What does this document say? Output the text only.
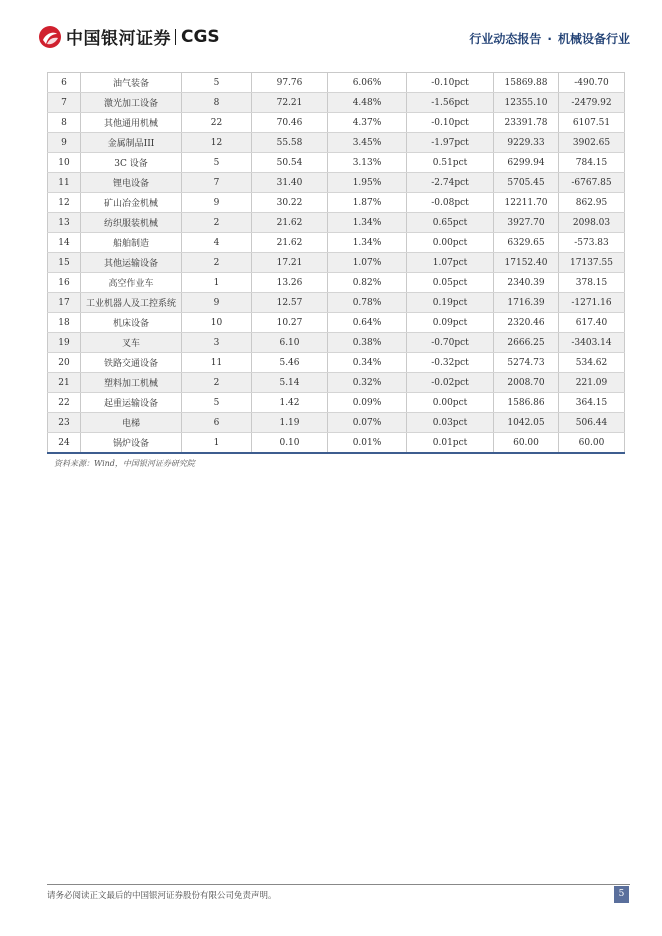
中国银河证券 CGS	行业动态报告 · 机械设备行业
6	油气装备	5	97.76	6.06%	-0.10pct	15869.88	-490.70
7	激光加工设备	8	72.21	4.48%	-1.56pct	12355.10	-2479.92
8	其他通用机械	22	70.46	4.37%	-0.10pct	23391.78	6107.51
9	金属制品III	12	55.58	3.45%	-1.97pct	9229.33	3902.65
10	3C 设备	5	50.54	3.13%	0.51pct	6299.94	784.15
11	锂电设备	7	31.40	1.95%	-2.74pct	5705.45	-6767.85
12	矿山冶金机械	9	30.22	1.87%	-0.08pct	12211.70	862.95
13	纺织服装机械	2	21.62	1.34%	0.65pct	3927.70	2098.03
14	船舶制造	4	21.62	1.34%	0.00pct	6329.65	-573.83
15	其他运输设备	2	17.21	1.07%	1.07pct	17152.40	17137.55
16	高空作业车	1	13.26	0.82%	0.05pct	2340.39	378.15
17	工业机器人及工控系统	9	12.57	0.78%	0.19pct	1716.39	-1271.16
18	机床设备	10	10.27	0.64%	0.09pct	2320.46	617.40
19	叉车	3	6.10	0.38%	-0.70pct	2666.25	-3403.14
20	铁路交通设备	11	5.46	0.34%	-0.32pct	5274.73	534.62
21	塑料加工机械	2	5.14	0.32%	-0.02pct	2008.70	221.09
22	起重运输设备	5	1.42	0.09%	0.00pct	1586.86	364.15
23	电梯	6	1.19	0.07%	0.03pct	1042.05	506.44
24	锅炉设备	1	0.10	0.01%	0.01pct	60.00	60.00
资料来源：Wind，中国银河证券研究院
请务必阅读正文最后的中国银河证券股份有限公司免责声明。	5
